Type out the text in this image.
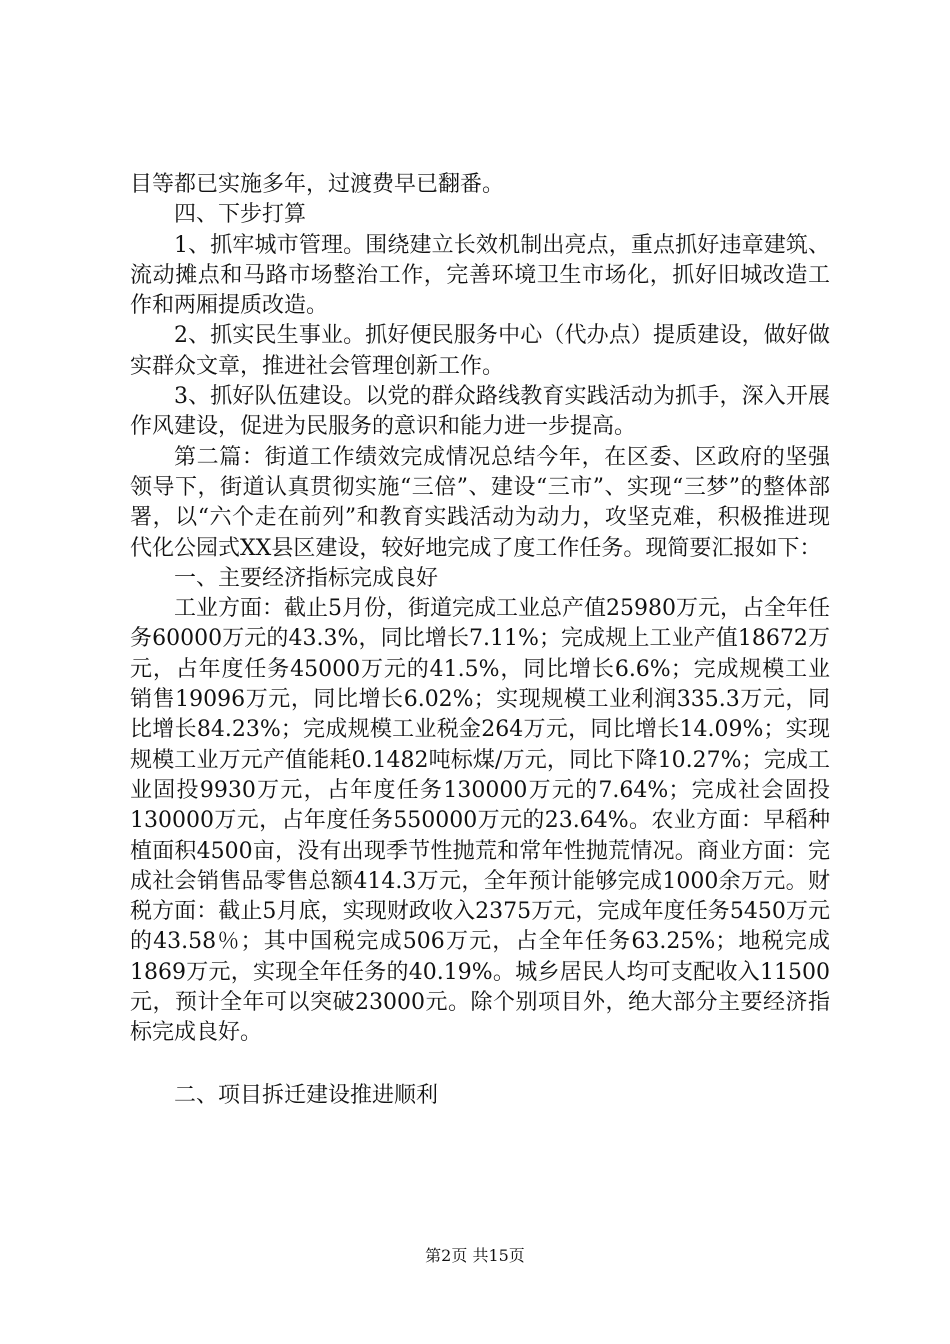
目等都已实施多年，过渡费早已翻番。

四、下步打算

1、抓牢城市管理。围绕建立长效机制出亮点，重点抓好违章建筑、流动摊点和马路市场整治工作，完善环境卫生市场化，抓好旧城改造工作和两厢提质改造。

2、抓实民生事业。抓好便民服务中心（代办点）提质建设，做好做实群众文章，推进社会管理创新工作。

3、抓好队伍建设。以党的群众路线教育实践活动为抓手，深入开展作风建设，促进为民服务的意识和能力进一步提高。

第二篇：街道工作绩效完成情况总结今年，在区委、区政府的坚强领导下，街道认真贯彻实施“三倍”、建设“三市”、实现“三梦”的整体部署，以“六个走在前列”和教育实践活动为动力，攻坚克难，积极推进现代化公园式XX县区建设，较好地完成了度工作任务。现简要汇报如下：

一、主要经济指标完成良好

工业方面：截止5月份，街道完成工业总产值25980万元，占全年任务60000万元的43.3%，同比增长7.11%；完成规上工业产值18672万元，占年度任务45000万元的41.5%，同比增长6.6%；完成规模工业销售19096万元，同比增长6.02%；实现规模工业利润335.3万元，同比增长84.23%；完成规模工业税金264万元，同比增长14.09%；实现规模工业万元产值能耗0.1482吨标煤/万元，同比下降10.27%；完成工业固投9930万元，占年度任务130000万元的7.64%；完成社会固投130000万元，占年度任务550000万元的23.64%。农业方面：早稻种植面积4500亩，没有出现季节性抛荒和常年性抛荒情况。商业方面：完成社会销售品零售总额414.3万元，全年预计能够完成1000余万元。财税方面：截止5月底，实现财政收入2375万元，完成年度任务5450万元的43.58％；其中国税完成506万元，占全年任务63.25%；地税完成1869万元，实现全年任务的40.19%。城乡居民人均可支配收入11500元，预计全年可以突破23000元。除个别项目外，绝大部分主要经济指标完成良好。

二、项目拆迁建设推进顺利

第2页 共15页
